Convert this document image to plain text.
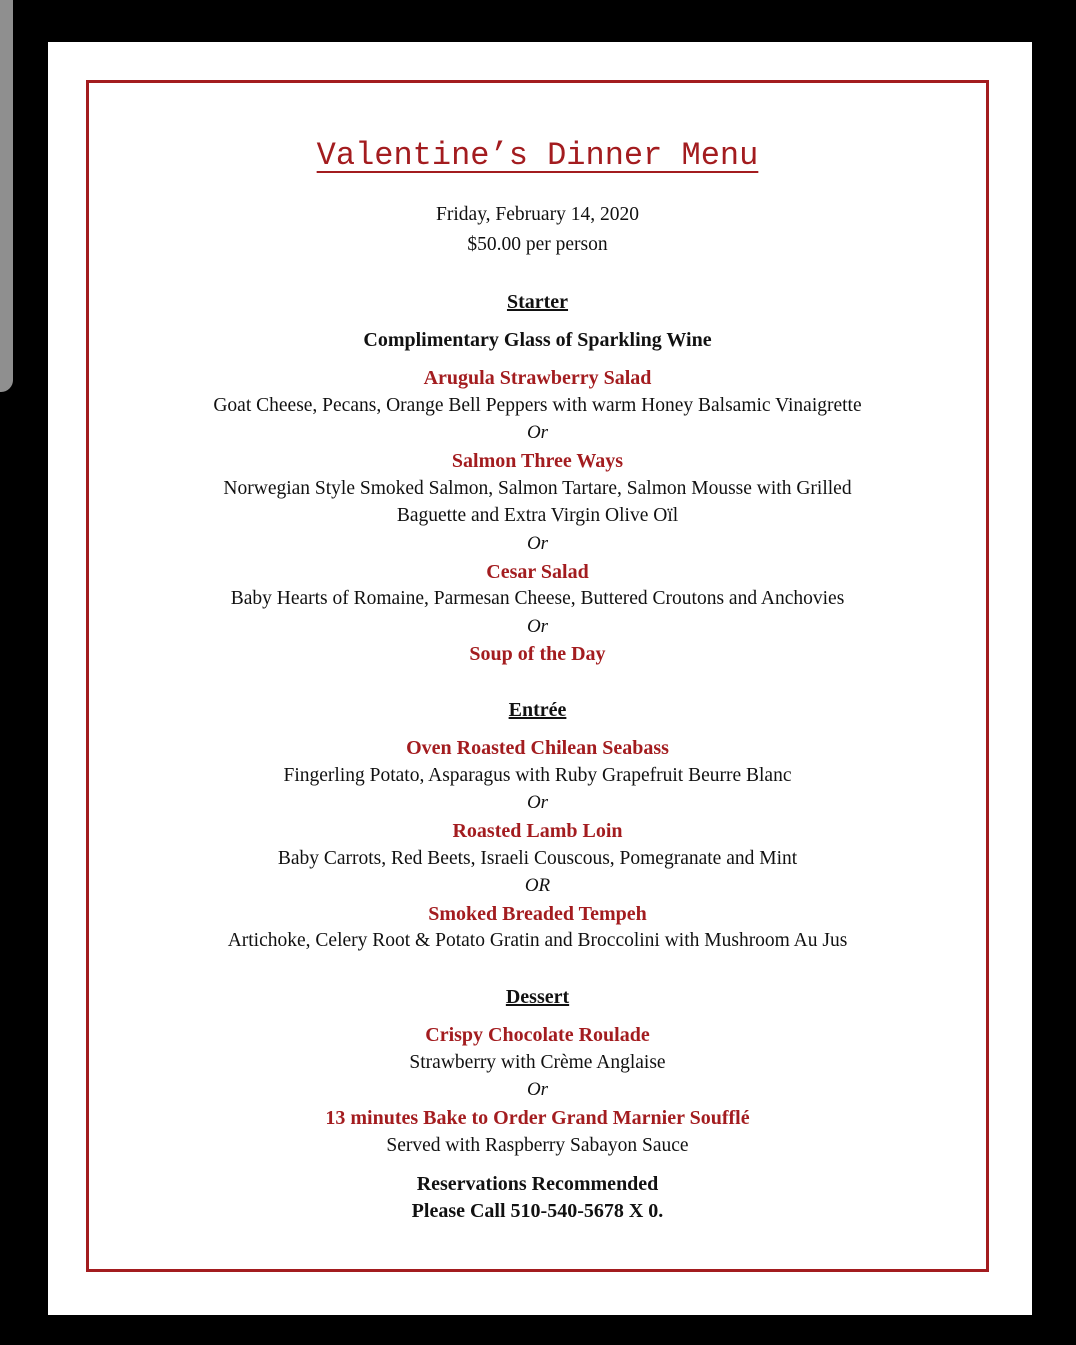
Valentine’s Dinner Menu
Friday, February 14, 2020
$50.00 per person
Starter
Complimentary Glass of Sparkling Wine
Arugula Strawberry Salad
Goat Cheese, Pecans, Orange Bell Peppers with warm Honey Balsamic Vinaigrette
Or
Salmon Three Ways
Norwegian Style Smoked Salmon, Salmon Tartare, Salmon Mousse with Grilled
Baguette and Extra Virgin Olive Oïl
Or
Cesar Salad
Baby Hearts of Romaine, Parmesan Cheese, Buttered Croutons and Anchovies
Or
Soup of the Day
Entrée
Oven Roasted Chilean Seabass
Fingerling Potato, Asparagus with Ruby Grapefruit Beurre Blanc
Or
Roasted Lamb Loin
Baby Carrots, Red Beets, Israeli Couscous, Pomegranate and Mint
OR
Smoked Breaded Tempeh
Artichoke, Celery Root & Potato Gratin and Broccolini with Mushroom Au Jus
Dessert
Crispy Chocolate Roulade
Strawberry with Crème Anglaise
Or
13 minutes Bake to Order Grand Marnier Soufflé
Served with Raspberry Sabayon Sauce
Reservations Recommended
Please Call 510-540-5678 X 0.
